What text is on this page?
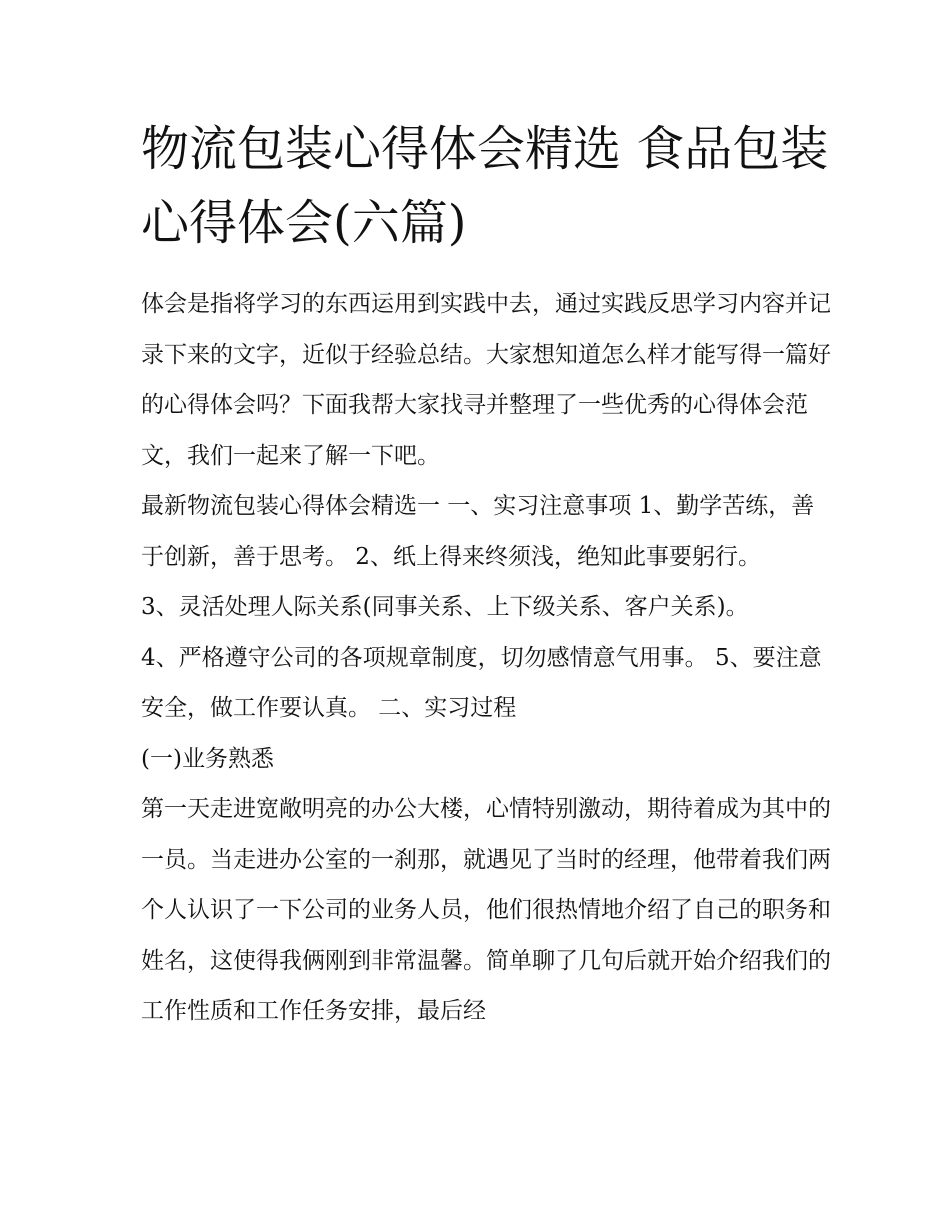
物流包装心得体会精选 食品包装心得体会(六篇)

体会是指将学习的东西运用到实践中去，通过实践反思学习内容并记录下来的文字，近似于经验总结。大家想知道怎么样才能写得一篇好的心得体会吗？下面我帮大家找寻并整理了一些优秀的心得体会范文，我们一起来了解一下吧。

最新物流包装心得体会精选一 一、实习注意事项 1、勤学苦练，善于创新，善于思考。 2、纸上得来终须浅，绝知此事要躬行。

3、灵活处理人际关系(同事关系、上下级关系、客户关系)。

4、严格遵守公司的各项规章制度，切勿感情意气用事。 5、要注意安全，做工作要认真。 二、实习过程

(一)业务熟悉

第一天走进宽敞明亮的办公大楼，心情特别激动，期待着成为其中的一员。当走进办公室的一刹那，就遇见了当时的经理，他带着我们两个人认识了一下公司的业务人员，他们很热情地介绍了自己的职务和姓名，这使得我俩刚到非常温馨。简单聊了几句后就开始介绍我们的工作性质和工作任务安排，最后经
